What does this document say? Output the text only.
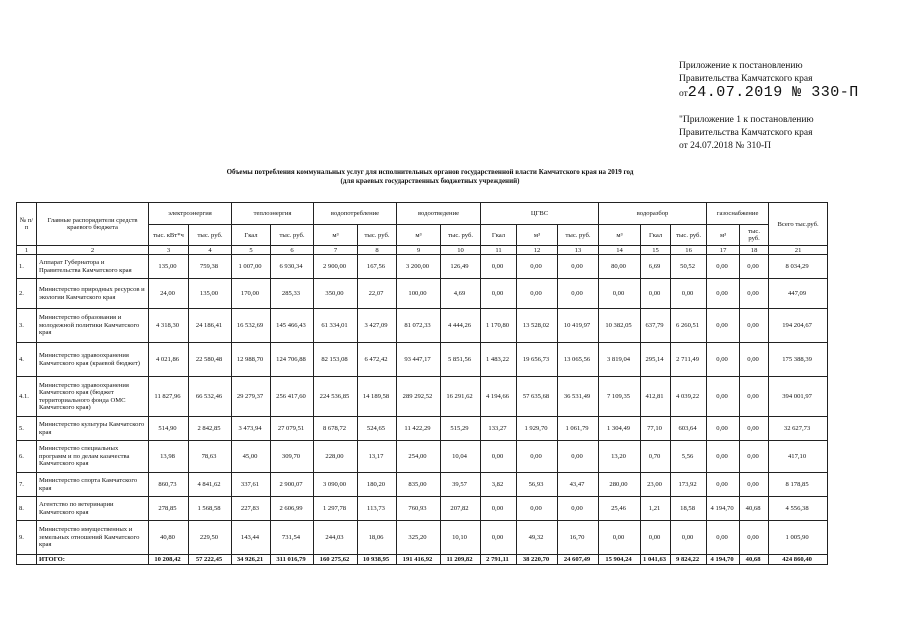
Приложение к постановлению
Правительства Камчатского края
от24.07.2019 № 330-П
"Приложение 1 к постановлению
Правительства Камчатского края
от 24.07.2018 № 310-П
Объемы потребления коммунальных услуг для исполнительных органов государственной власти Камчатского края на 2019 год
(для краевых государственных бюджетных учреждений)
№ п/п	Главные распорядители средств краевого бюджета	электроэнергия		теплоэнергия		водопотребление		водоотведение		ЦГВС			водоразбор			газоснабжение		Всего тыс.руб.
		тыс. кВт*ч	тыс. руб.	Гкал	тыс. руб.	м³	тыс. руб.	м³	тыс. руб.	Гкал	м³	тыс. руб.	м³	Гкал	тыс. руб.	м³	тыс. руб.	
1	2	3	4	5	6	7	8	9	10	11	12	13	14	15	16	17	18	21
1.	Аппарат Губернатора и Правительства Камчатского края	135,00	759,38	1 007,00	6 930,34	2 900,00	167,56	3 200,00	126,49	0,00	0,00	0,00	80,00	6,69	50,52	0,00	0,00	8 034,29
2.	Министерство природных ресурсов и экологии Камчатского края	24,00	135,00	170,00	285,33	350,00	22,07	100,00	4,69	0,00	0,00	0,00	0,00	0,00	0,00	0,00	0,00	447,09
3.	Министерство образования и молодежной политики Камчатского края	4 318,30	24 186,41	16 532,69	145 466,43	61 334,01	3 427,09	81 072,33	4 444,26	1 170,80	13 528,02	10 419,97	10 382,05	637,79	6 260,51	0,00	0,00	194 204,67
4.	Министерство здравоохранения Камчатского края (краевой бюджет)	4 021,86	22 580,48	12 988,70	124 706,88	82 153,08	6 472,42	93 447,17	5 851,56	1 483,22	19 656,73	13 065,56	3 819,04	295,14	2 711,49	0,00	0,00	175 388,39
4.1.	Министерство здравоохранения Камчатского края (бюджет территориального фонда ОМС Камчатского края)	11 827,96	66 532,46	29 279,37	256 417,60	224 536,85	14 189,58	289 292,52	16 291,62	4 194,66	57 635,68	36 531,49	7 109,35	412,81	4 039,22	0,00	0,00	394 001,97
5.	Министерство культуры Камчатского края	514,90	2 842,85	3 473,94	27 079,51	8 678,72	524,65	11 422,29	515,29	133,27	1 929,70	1 061,79	1 304,49	77,10	603,64	0,00	0,00	32 627,73
6.	Министерство специальных программ и по делам казачества Камчатского края	13,98	78,63	45,00	309,70	228,00	13,17	254,00	10,04	0,00	0,00	0,00	13,20	0,70	5,56	0,00	0,00	417,10
7.	Министерство спорта Камчатского края	860,73	4 841,62	337,61	2 900,07	3 090,00	180,20	835,00	39,57	3,82	56,93	43,47	280,00	23,00	173,92	0,00	0,00	8 178,85
8.	Агентство по ветеринарии Камчатского края	278,85	1 568,58	227,83	2 606,99	1 297,78	113,73	760,93	207,82	0,00	0,00	0,00	25,46	1,21	18,58	4 194,70	40,68	4 556,38
9.	Министерство имущественных и земельных отношений Камчатского края	40,80	229,50	143,44	731,54	244,03	18,06	325,20	10,10	0,00	49,32	16,70	0,00	0,00	0,00	0,00	0,00	1 005,90
	ИТОГО:	10 208,42	57 222,45	34 926,21	311 016,79	160 275,62	10 938,95	191 416,92	11 209,82	2 791,11	38 220,70	24 607,49	15 904,24	1 041,63	9 824,22	4 194,70	40,68	424 860,40
